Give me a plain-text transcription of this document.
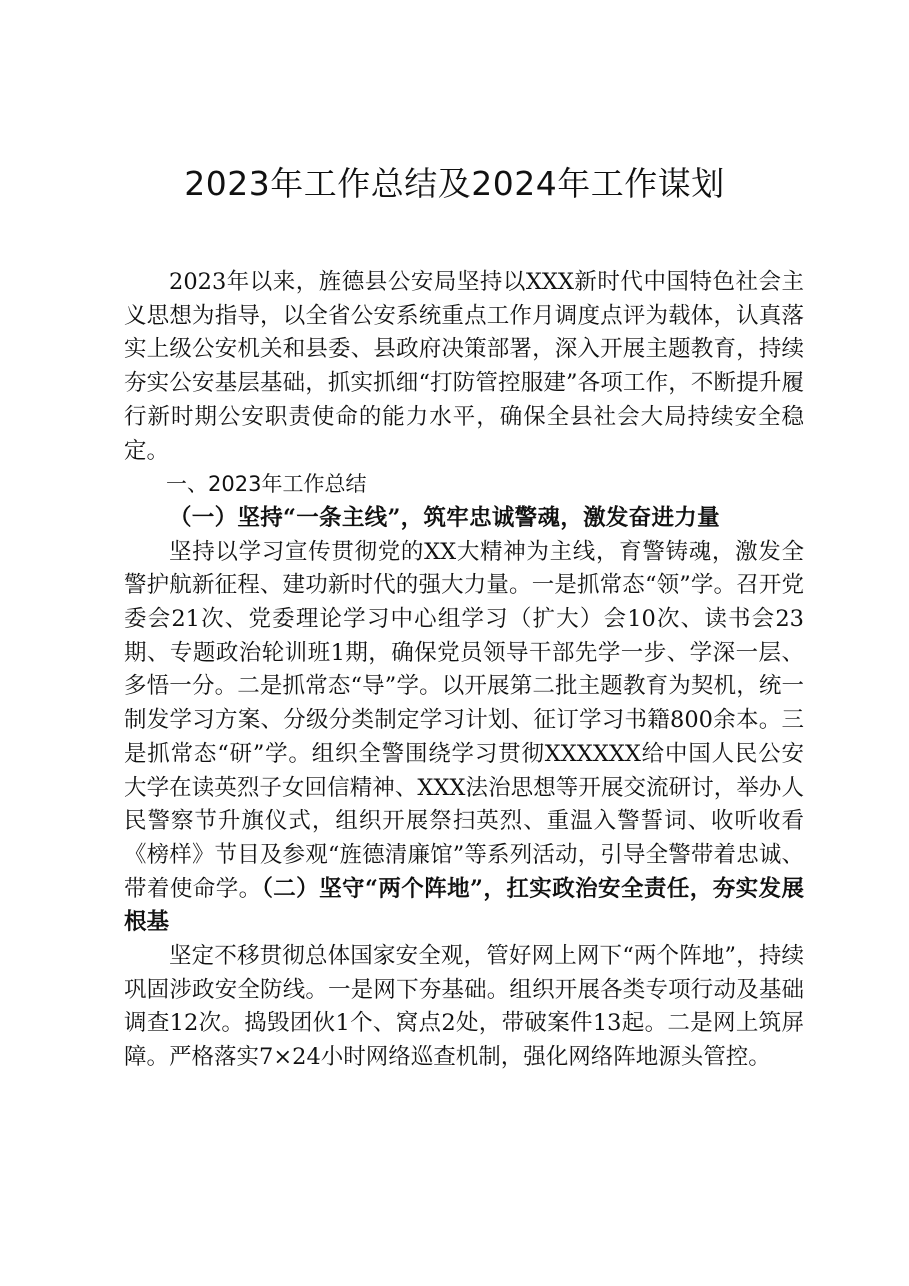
2023年工作总结及2024年工作谋划

2023年以来，旌德县公安局坚持以XXX新时代中国特色社会主义思想为指导，以全省公安系统重点工作月调度点评为载体，认真落实上级公安机关和县委、县政府决策部署，深入开展主题教育，持续夯实公安基层基础，抓实抓细“打防管控服建”各项工作，不断提升履行新时期公安职责使命的能力水平，确保全县社会大局持续安全稳定。

一、2023年工作总结

（一）坚持“一条主线”，筑牢忠诚警魂，激发奋进力量

坚持以学习宣传贯彻党的XX大精神为主线，育警铸魂，激发全警护航新征程、建功新时代的强大力量。一是抓常态“领”学。召开党委会21次、党委理论学习中心组学习（扩大）会10次、读书会23期、专题政治轮训班1期，确保党员领导干部先学一步、学深一层、多悟一分。二是抓常态“导”学。以开展第二批主题教育为契机，统一制发学习方案、分级分类制定学习计划、征订学习书籍800余本。三是抓常态“研”学。组织全警围绕学习贯彻XXXXXX给中国人民公安大学在读英烈子女回信精神、XXX法治思想等开展交流研讨，举办人民警察节升旗仪式，组织开展祭扫英烈、重温入警誓词、收听收看《榜样》节目及参观“旌德清廉馆”等系列活动，引导全警带着忠诚、带着使命学。（二）坚守“两个阵地”，扛实政治安全责任，夯实发展根基

坚定不移贯彻总体国家安全观，管好网上网下“两个阵地”，持续巩固涉政安全防线。一是网下夯基础。组织开展各类专项行动及基础调查12次。捣毁团伙1个、窝点2处，带破案件13起。二是网上筑屏障。严格落实7×24小时网络巡查机制，强化网络阵地源头管控。
